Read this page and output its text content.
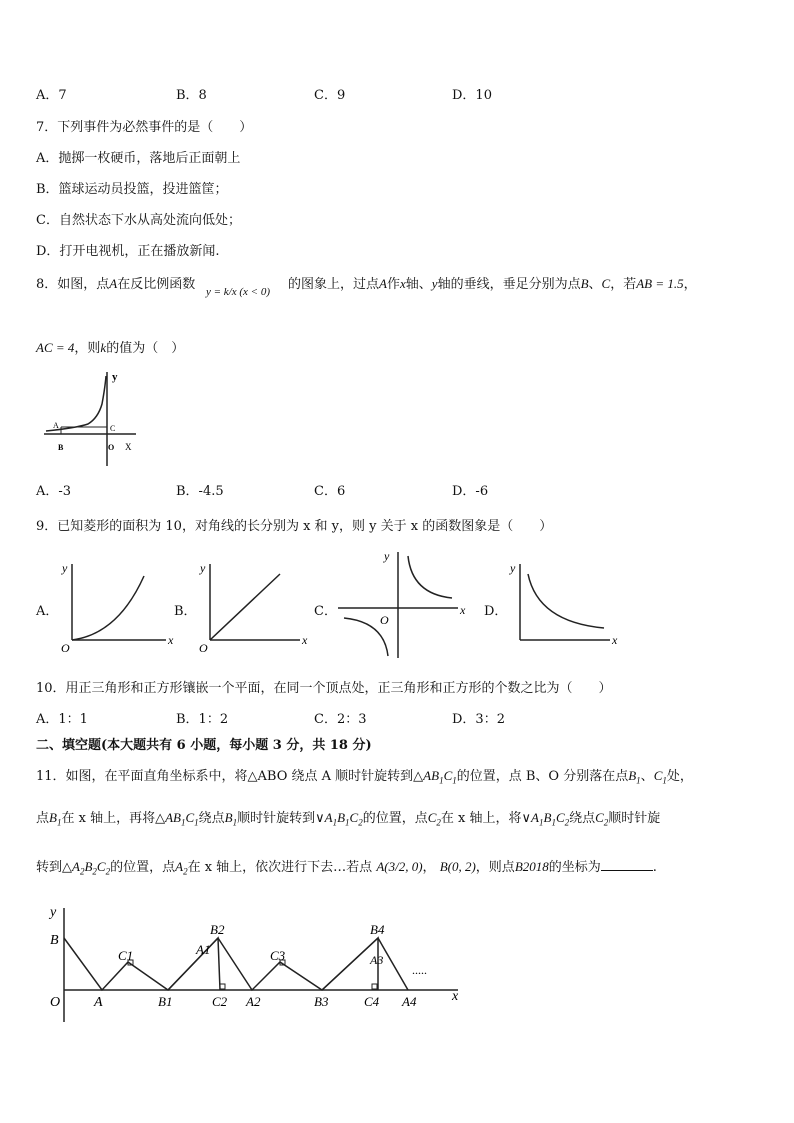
A．7	B．8	C．9	D．10
7．下列事件为必然事件的是（　　）
A．抛掷一枚硬币，落地后正面朝上
B．篮球运动员投篮，投进篮筐；
C．自然状态下水从高处流向低处；
D．打开电视机，正在播放新闻.
8．如图，点A在反比例函数 y = k/x (x < 0) 的图象上，过点A作x轴、y轴的垂线，垂足分别为点B、C，若AB = 1.5，
AC = 4，则k的值为（　）
y
A	C
B	O X
A．-3	B．-4.5	C．6	D．-6
9．已知菱形的面积为 10，对角线的长分别为 x 和 y，则 y 关于 x 的函数图象是（　　）
A．
y
x
O
B．
y
x
O
C．
y
x
O
D．
y
x
10．用正三角形和正方形镶嵌一个平面，在同一个顶点处，正三角形和正方形的个数之比为（　　）
A．1：1	B．1：2	C．2：3	D．3：2
二、填空题(本大题共有 6 小题，每小题 3 分，共 18 分)
11．如图，在平面直角坐标系中，将△ABO 绕点 A 顺时针旋转到$\triangle AB_1C_1$的位置，点 B、O 分别落在点$B_1$、$C_1$处，
点$B_1$在 x 轴上，再将$\triangle AB_1C_1$绕点$B_1$顺时针旋转到$\vee A_1B_1C_2$的位置，点$C_2$在 x 轴上，将$\vee A_1B_1C_2$绕点$C_2$顺时针旋
转到$\triangle A_2B_2C_2$的位置，点$A_2$在 x 轴上，依次进行下去…若点 A(3/2, 0)， B(0, 2)，则点B2018的坐标为	.
y
B
O A
C1
B1
B2
A1
C2 A2
C3
B3
B4
A3
C4 A4
.....
x
